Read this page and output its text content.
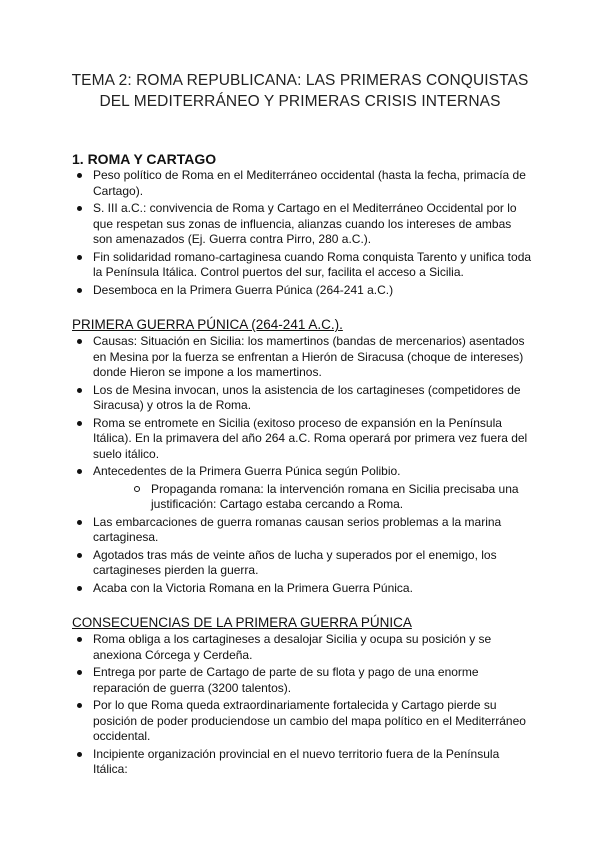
TEMA 2: ROMA REPUBLICANA: LAS PRIMERAS CONQUISTAS
DEL MEDITERRÁNEO Y PRIMERAS CRISIS INTERNAS
1. ROMA Y CARTAGO
Peso político de Roma en el Mediterráneo occidental (hasta la fecha, primacía de Cartago).
S. III a.C.: convivencia de Roma y Cartago en el Mediterráneo Occidental por lo que respetan sus zonas de influencia, alianzas cuando los intereses de ambas son amenazados (Ej. Guerra contra Pirro, 280 a.C.).
Fin solidaridad romano-cartaginesa cuando Roma conquista Tarento y unifica toda la Península Itálica. Control puertos del sur, facilita el acceso a Sicilia.
Desemboca en la Primera Guerra Púnica (264-241 a.C.)

PRIMERA GUERRA PÚNICA (264-241 A.C.).

Causas: Situación en Sicilia: los mamertinos (bandas de mercenarios) asentados en Mesina por la fuerza se enfrentan a Hierón de Siracusa (choque de intereses) donde Hieron se impone a los mamertinos.
Los de Mesina invocan, unos la asistencia de los cartagineses (competidores de Siracusa) y otros la de Roma.
Roma se entromete en Sicilia (exitoso proceso de expansión en la Península Itálica). En la primavera del año 264 a.C. Roma operará por primera vez fuera del suelo itálico.
Antecedentes de la Primera Guerra Púnica según Polibio.
Propaganda romana: la intervención romana en Sicilia precisaba una justificación: Cartago estaba cercando a Roma.
Las embarcaciones de guerra romanas causan serios problemas a la marina cartaginesa.
Agotados tras más de veinte años de lucha y superados por el enemigo, los cartagineses pierden la guerra.
Acaba con la Victoria Romana en la Primera Guerra Púnica.

CONSECUENCIAS DE LA PRIMERA GUERRA PÚNICA

Roma obliga a los cartagineses a desalojar Sicilia y ocupa su posición y se anexiona Córcega y Cerdeña.
Entrega por parte de Cartago de parte de su flota y pago de una enorme reparación de guerra (3200 talentos).
Por lo que Roma queda extraordinariamente fortalecida y Cartago pierde su posición de poder produciendose un cambio del mapa político en el Mediterráneo occidental.
Incipiente organización provincial en el nuevo territorio fuera de la Península Itálica:
